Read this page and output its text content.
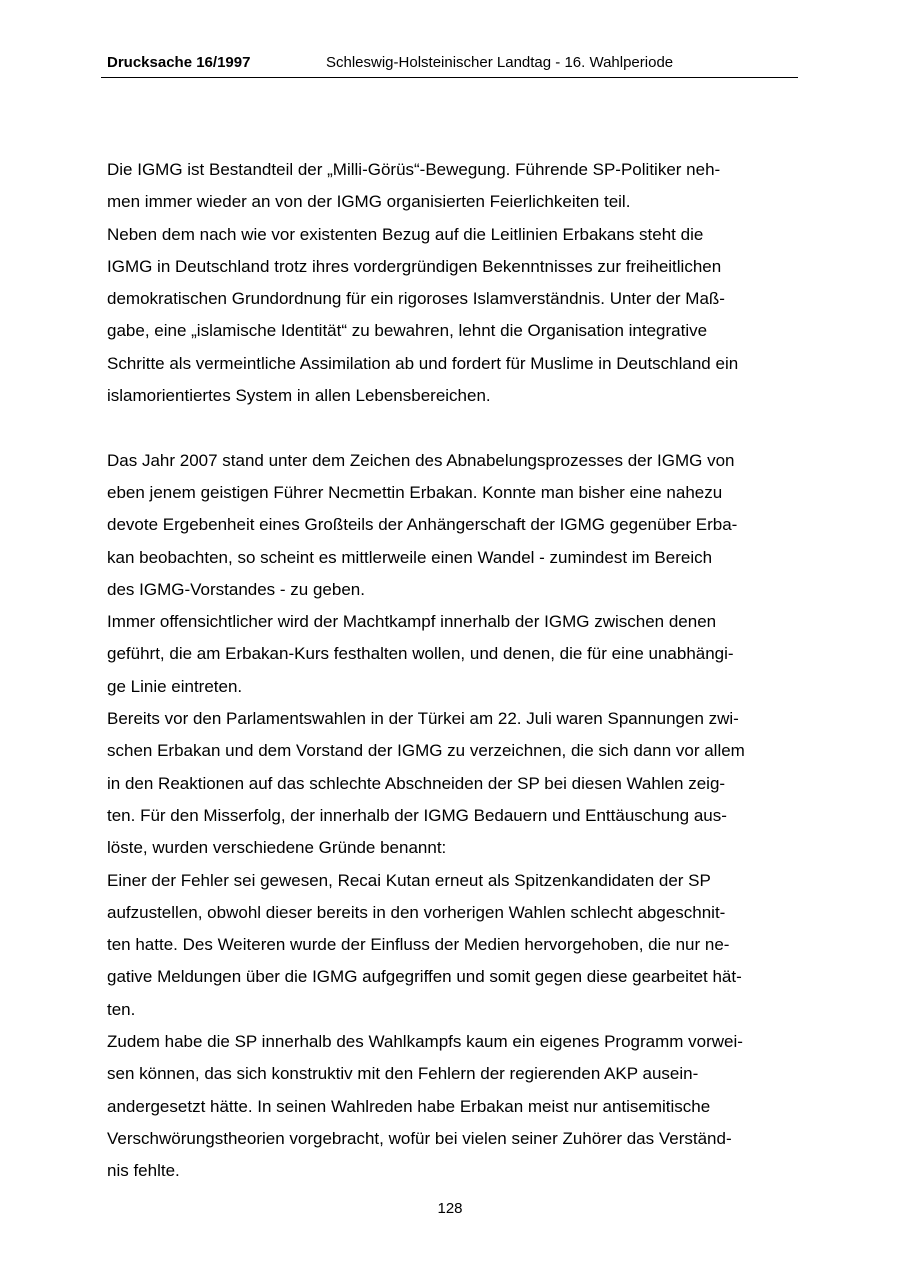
Drucksache 16/1997	Schleswig-Holsteinischer Landtag - 16. Wahlperiode
Die IGMG ist Bestandteil der „Milli-Görüs“-Bewegung. Führende SP-Politiker neh-
men immer wieder an von der IGMG organisierten Feierlichkeiten teil.
Neben dem nach wie vor existenten Bezug auf die Leitlinien Erbakans steht die
IGMG in Deutschland trotz ihres vordergründigen Bekenntnisses zur freiheitlichen
demokratischen Grundordnung für ein rigoroses Islamverständnis. Unter der Maß-
gabe, eine „islamische Identität“ zu bewahren, lehnt die Organisation integrative
Schritte als vermeintliche Assimilation ab und fordert für Muslime in Deutschland ein
islamorientiertes System in allen Lebensbereichen.
Das Jahr 2007 stand unter dem Zeichen des Abnabelungsprozesses der IGMG von
eben jenem geistigen Führer Necmettin Erbakan. Konnte man bisher eine nahezu
devote Ergebenheit eines Großteils der Anhängerschaft der IGMG gegenüber Erba-
kan beobachten, so scheint es mittlerweile einen Wandel - zumindest im Bereich
des IGMG-Vorstandes - zu geben.
Immer offensichtlicher wird der Machtkampf innerhalb der IGMG zwischen denen
geführt, die am Erbakan-Kurs festhalten wollen, und denen, die für eine unabhängi-
ge Linie eintreten.
Bereits vor den Parlamentswahlen in der Türkei am 22. Juli waren Spannungen zwi-
schen Erbakan und dem Vorstand der IGMG zu verzeichnen, die sich dann vor allem
in den Reaktionen auf das schlechte Abschneiden der SP bei diesen Wahlen zeig-
ten. Für den Misserfolg, der innerhalb der IGMG Bedauern und Enttäuschung aus-
löste, wurden verschiedene Gründe benannt:
Einer der Fehler sei gewesen, Recai Kutan erneut als Spitzenkandidaten der SP
aufzustellen, obwohl dieser bereits in den vorherigen Wahlen schlecht abgeschnit-
ten hatte. Des Weiteren wurde der Einfluss der Medien hervorgehoben, die nur ne-
gative Meldungen über die IGMG aufgegriffen und somit gegen diese gearbeitet hät-
ten.
Zudem habe die SP innerhalb des Wahlkampfs kaum ein eigenes Programm vorwei-
sen können, das sich konstruktiv mit den Fehlern der regierenden AKP ausein-
andergesetzt hätte. In seinen Wahlreden habe Erbakan meist nur antisemitische
Verschwörungstheorien vorgebracht, wofür bei vielen seiner Zuhörer das Verständ-
nis fehlte.
128
